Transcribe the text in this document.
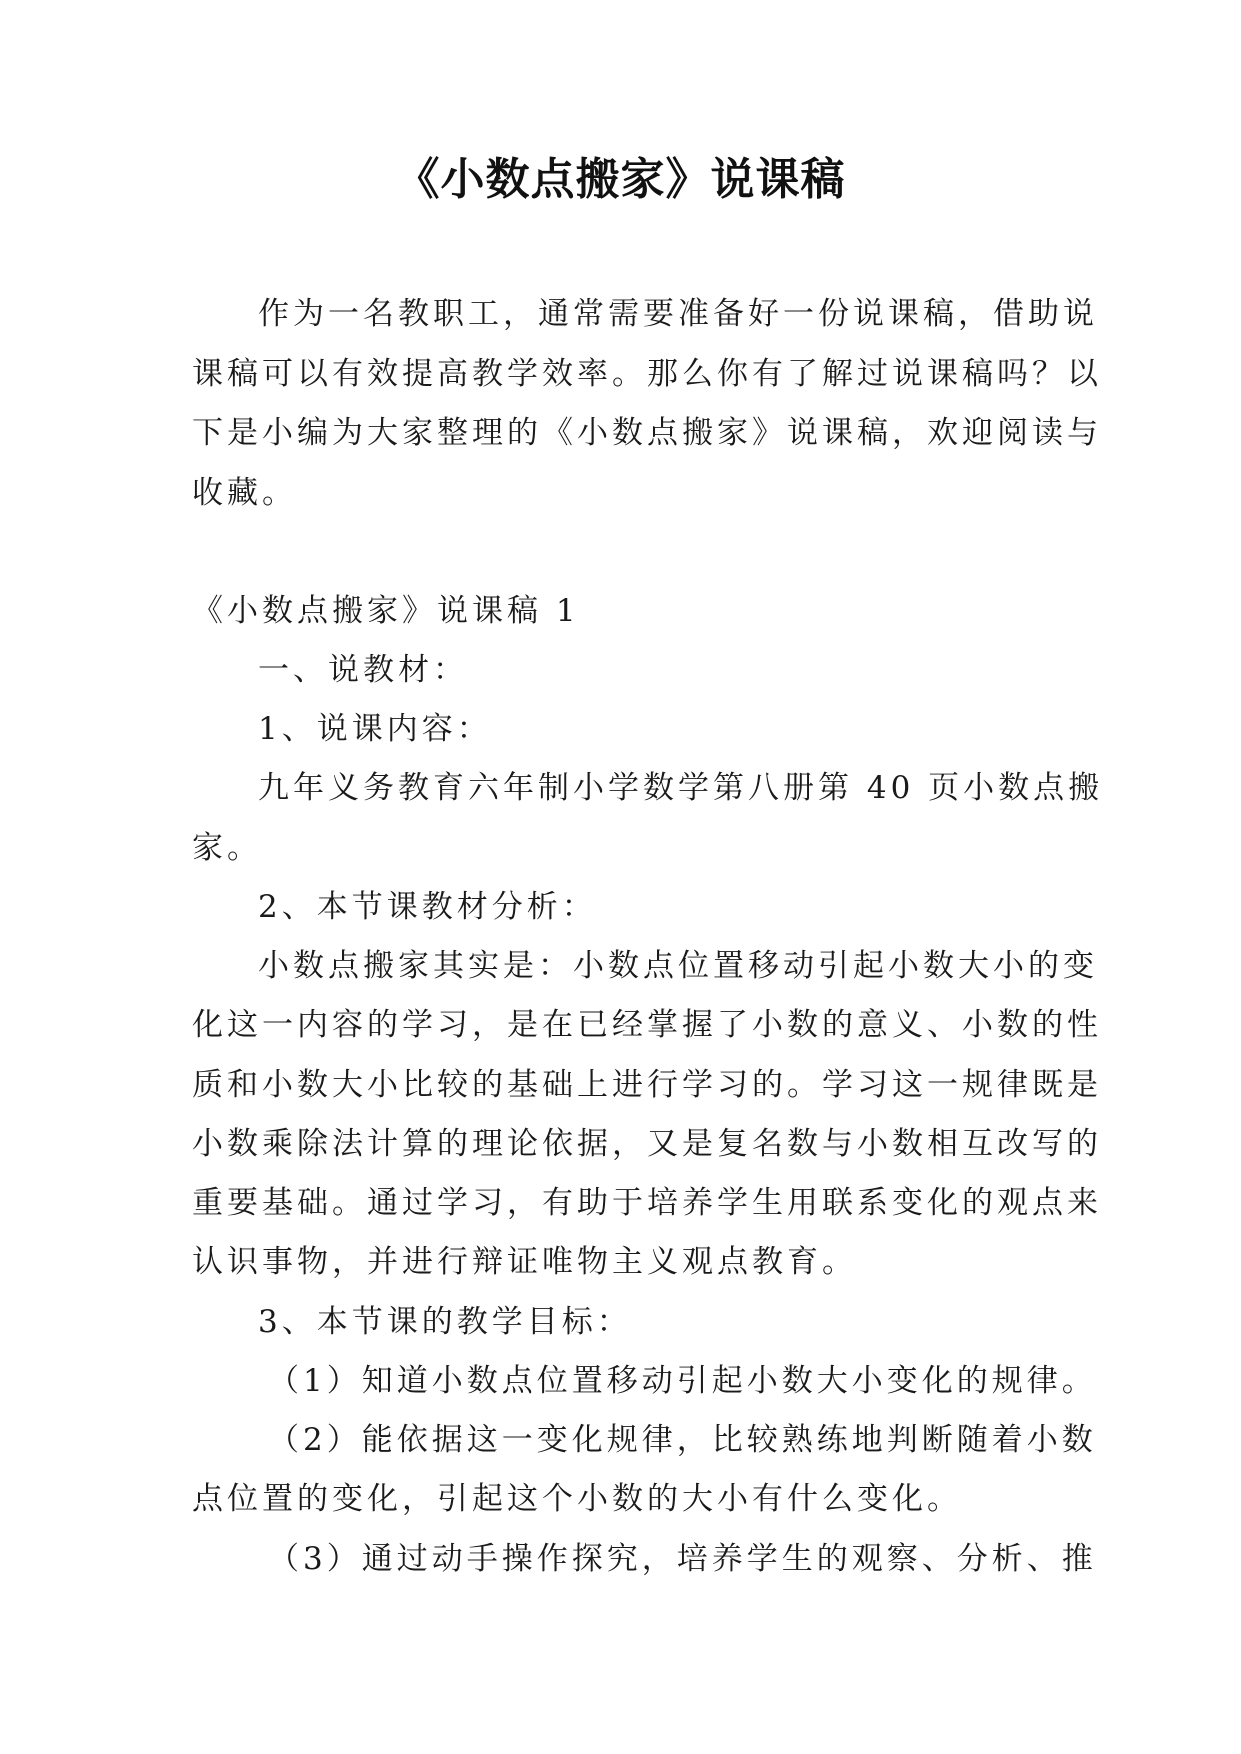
《小数点搬家》说课稿

作为一名教职工，通常需要准备好一份说课稿，借助说

课稿可以有效提高教学效率。那么你有了解过说课稿吗？以

下是小编为大家整理的《小数点搬家》说课稿，欢迎阅读与

收藏。

《小数点搬家》说课稿 1

一、说教材：

1、说课内容：

九年义务教育六年制小学数学第八册第 40 页小数点搬

家。

2、本节课教材分析：

小数点搬家其实是：小数点位置移动引起小数大小的变

化这一内容的学习，是在已经掌握了小数的意义、小数的性

质和小数大小比较的基础上进行学习的。学习这一规律既是

小数乘除法计算的理论依据，又是复名数与小数相互改写的

重要基础。通过学习，有助于培养学生用联系变化的观点来

认识事物，并进行辩证唯物主义观点教育。

3、本节课的教学目标：

（1）知道小数点位置移动引起小数大小变化的规律。

（2）能依据这一变化规律，比较熟练地判断随着小数

点位置的变化，引起这个小数的大小有什么变化。

（3）通过动手操作探究，培养学生的观察、分析、推
